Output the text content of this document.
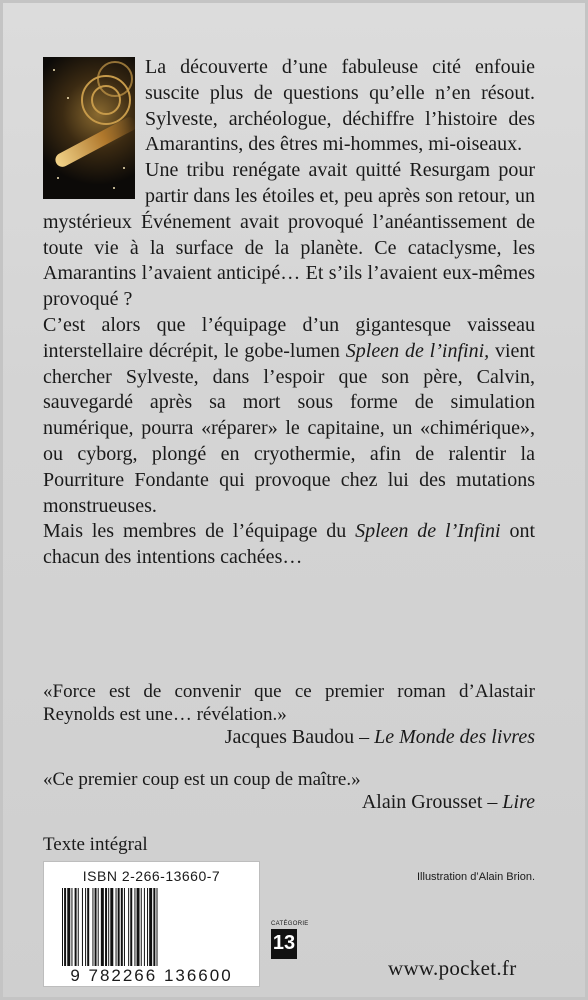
La découverte d’une fabuleuse cité enfouie suscite plus de questions qu’elle n’en résout. Sylveste, archéologue, déchiffre l’histoire des Amarantins, des êtres mi-hommes, mi-oiseaux.

Une tribu renégate avait quitté Resurgam pour partir dans les étoiles et, peu après son retour, un mystérieux Événement avait provoqué l’anéantissement de toute vie à la surface de la planète. Ce cataclysme, les Amarantins l’avaient anticipé… Et s’ils l’avaient eux-mêmes provoqué ?

C’est alors que l’équipage d’un gigantesque vaisseau interstellaire décrépit, le gobe-lumen Spleen de l’infini, vient chercher Sylveste, dans l’espoir que son père, Calvin, sauvegardé après sa mort sous forme de simulation numérique, pourra «réparer» le capitaine, un «chimérique», ou cyborg, plongé en cryothermie, afin de ralentir la Pourriture Fondante qui provoque chez lui des mutations monstrueuses.

Mais les membres de l’équipage du Spleen de l’Infini ont chacun des intentions cachées…

«Force est de convenir que ce premier roman d’Alastair Reynolds est une… révélation.»
Jacques Baudou – Le Monde des livres
«Ce premier coup est un coup de maître.»
Alain Grousset – Lire
Texte intégral
ISBN 2-266-13660-7
9 782266 136600
Illustration d’Alain Brion.
CATÉGORIE
13
www.pocket.fr
